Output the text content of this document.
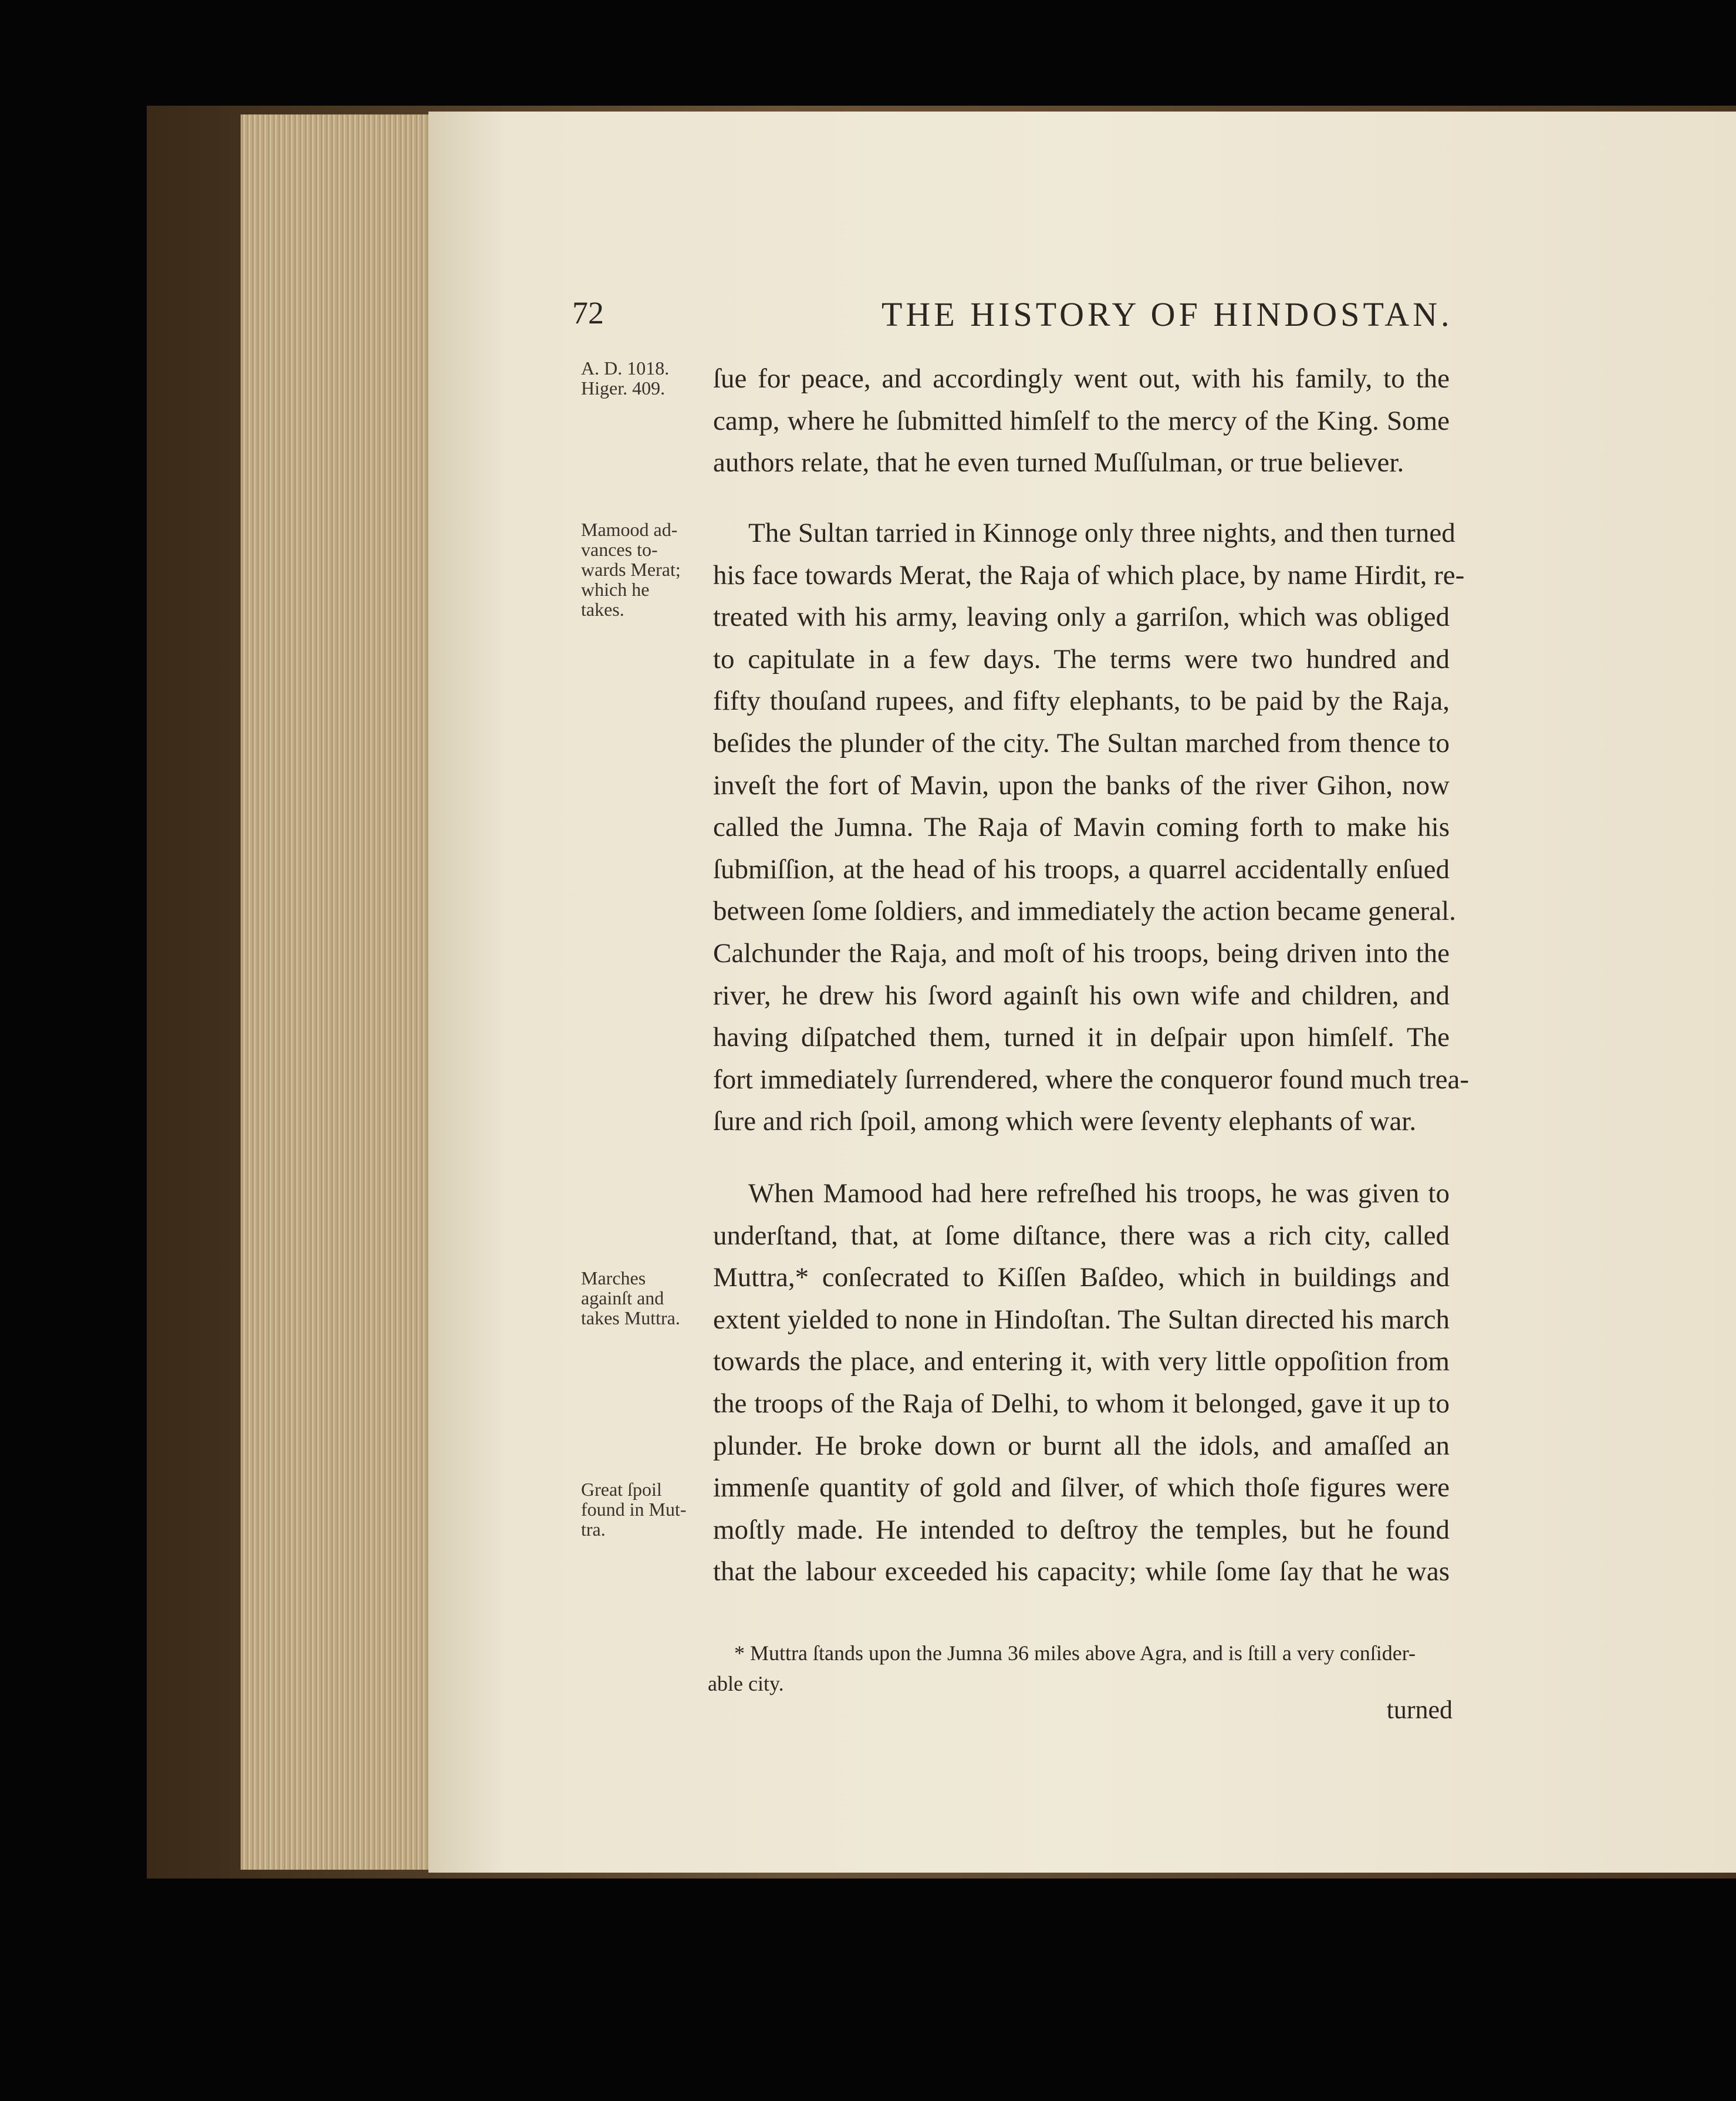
72	THE HISTORY OF HINDOSTAN.
A. D. 1018.
Higer. 409.
Mamood ad-
vances to-
wards Merat;
which he
takes.
Marches
againſt and
takes Muttra.
Great ſpoil
found in Mut-
tra.
ſue for peace, and accordingly went out, with his family, to the
camp, where he ſubmitted himſelf to the mercy of the King. Some
authors relate, that he even turned Muſſulman, or true believer.
The Sultan tarried in Kinnoge only three nights, and then turned
his face towards Merat, the Raja of which place, by name Hirdit, re-
treated with his army, leaving only a garriſon, which was obliged
to capitulate in a few days. The terms were two hundred and
fifty thouſand rupees, and fifty elephants, to be paid by the Raja,
beſides the plunder of the city. The Sultan marched from thence to
inveſt the fort of Mavin, upon the banks of the river Gihon, now
called the Jumna. The Raja of Mavin coming forth to make his
ſubmiſſion, at the head of his troops, a quarrel accidentally enſued
between ſome ſoldiers, and immediately the action became general.
Calchunder the Raja, and moſt of his troops, being driven into the
river, he drew his ſword againſt his own wife and children, and
having diſpatched them, turned it in deſpair upon himſelf. The
fort immediately ſurrendered, where the conqueror found much trea-
ſure and rich ſpoil, among which were ſeventy elephants of war.
When Mamood had here refreſhed his troops, he was given to
underſtand, that, at ſome diſtance, there was a rich city, called
Muttra,* conſecrated to Kiſſen Baſdeo, which in buildings and
extent yielded to none in Hindoſtan. The Sultan directed his march
towards the place, and entering it, with very little oppoſition from
the troops of the Raja of Delhi, to whom it belonged, gave it up to
plunder. He broke down or burnt all the idols, and amaſſed an
immenſe quantity of gold and ſilver, of which thoſe figures were
moſtly made. He intended to deſtroy the temples, but he found
that the labour exceeded his capacity; while ſome ſay that he was
* Muttra ſtands upon the Jumna 36 miles above Agra, and is ſtill a very conſider-
able city.
turned
